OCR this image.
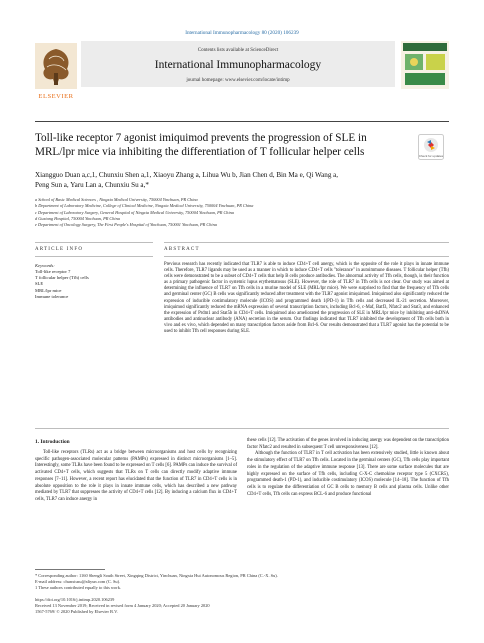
International Immunopharmacology 80 (2020) 106239
ELSEVIER
Contents lists available at ScienceDirect
International Immunopharmacology
journal homepage: www.elsevier.com/locate/intimp
Toll-like receptor 7 agonist imiquimod prevents the progression of SLE in MRL/lpr mice via inhibiting the differentiation of T follicular helper cells	Check for updates
Xiangguo Duan a,c,1, Chunxiu Shen a,1, Xiaoyu Zhang a, Lihua Wu b, Jian Chen d, Bin Ma e, Qi Wang a,
Peng Sun a, Yaru Lan a, Chunxiu Su a,*
a School of Basic Medical Sciences , Ningxia Medical University, 750004 Yinchuan, PR China
b Department of Laboratory Medicine, College of Clinical Medicine, Ningxia Medical University, 750004 Yinchuan, PR China
c Department of Laboratory Surgery, General Hospital of Ningxia Medical University, 750004 Yinchuan, PR China
d Guxiang Hospital, 750004 Yinchuan, PR China
e Department of Oncology Surgery, The First People's Hospital of Yinchuan, 750001 Yinchuan, PR China
ARTICLE INFO	ABSTRACT
Keywords:
Toll-like receptor 7
T follicular helper (Tfh) cells
SLE
MRL/lpr mice
Immune tolerance
Previous research has recently indicated that TLR7 is able to induce CD4+T cell anergy, which is the opposite of the role it plays in innate immune cells. Therefore, TLR7 ligands may be used as a manner in which to induce CD4+T cells "tolerance" in autoimmune diseases. T follicular helper (Tfh) cells were demonstrated to be a subset of CD4+T cells that help B cells produce antibodies. The abnormal activity of Tfh cells, though, is their function as a primary pathogenic factor in systemic lupus erythematosus (SLE). However, the role of TLR7 in Tfh cells is not clear. Our study was aimed at determining the influence of TLR7 on Tfh cells in a murine model of SLE (MRL/lpr mice). We were surprised to find that the frequency of Tfh cells and germinal center (GC) B cells was significantly reduced after treatment with the TLR7 agonist imiquimod. Imiquimod also significantly reduced the expression of inducible costimulatory molecule (ICOS) and programmed death 1(PD-1) in Tfh cells and decreased IL-21 secretion. Moreover, imiquimod significantly reduced the mRNA expression of several transcription factors, including Bcl-6, c-Maf, Batf3, Nfatc2 and Stat3, and enhanced the expression of Prdm1 and Stat5b in CD4+T cells. Imiquimod also ameliorated the progression of SLE in MRL/lpr mice by inhibiting anti-dsDNA antibodies and antinuclear antibody (ANA) secretion in the serum. Our findings indicated that TLR7 inhibited the development of Tfh cells both in vivo and ex vivo, which depended on many transcription factors aside from Bcl-6. Our results demonstrated that a TLR7 agonist has the potential to be used to inhibit Tfh cell responses during SLE.
1. Introduction

Toll-like receptors (TLRs) act as a bridge between microorganisms and host cells by recognizing specific pathogen-associated molecular patterns (PAMPs) expressed in distinct microorganisms [1–5]. Interestingly, some TLRs have been found to be expressed on T cells [6]. PAMPs can induce the survival of activated CD4+T cells, which suggests that TLRs on T cells can directly modify adaptive immune responses [7–11]. However, a recent report has elucidated that the function of TLR7 in CD4+T cells is in absolute opposition to the role it plays in innate immune cells, which has described a new pathway mediated by TLR7 that suppresses the activity of CD4+T cells [12]. By inducing a calcium flux in CD4+T cells, TLR7 can induce anergy in

these cells [12]. The activation of the genes involved in inducing anergy was dependent on the transcription factor Nfatc2 and resulted in subsequent T cell unresponsiveness [12].

Although the function of TLR7 in T cell activation has been extensively studied, little is known about the stimulatory effect of TLR7 on Tfh cells. Located in the germinal centers (GC), Tfh cells play important roles in the regulation of the adaptive immune response [13]. There are some surface molecules that are highly expressed on the surface of Tfh cells, including C-X-C chemokine receptor type 5 (CXCR5), programmed death-1 (PD-1), and inducible costimulatory (ICOS) molecule [14–18]. The function of Tfh cells is to regulate the differentiation of GC B cells to memory B cells and plasma cells. Unlike other CD4+T cells, Tfh cells can express BCL-6 and produce functional

* Corresponding author: 1160 Shengli South Street, Xingqing District, Yinchuan, Ningxia Hui Autonomous Region, PR China (C.-X. Su).
E-mail address: chunxiusu@aliyun.com (C. Su).
1 These authors contributed equally to this work.
https://doi.org/10.1016/j.intimp.2020.106239
Received 13 November 2019; Received in revised form 4 January 2020; Accepted 20 January 2020
1567-5769/ © 2020 Published by Elsevier B.V.
